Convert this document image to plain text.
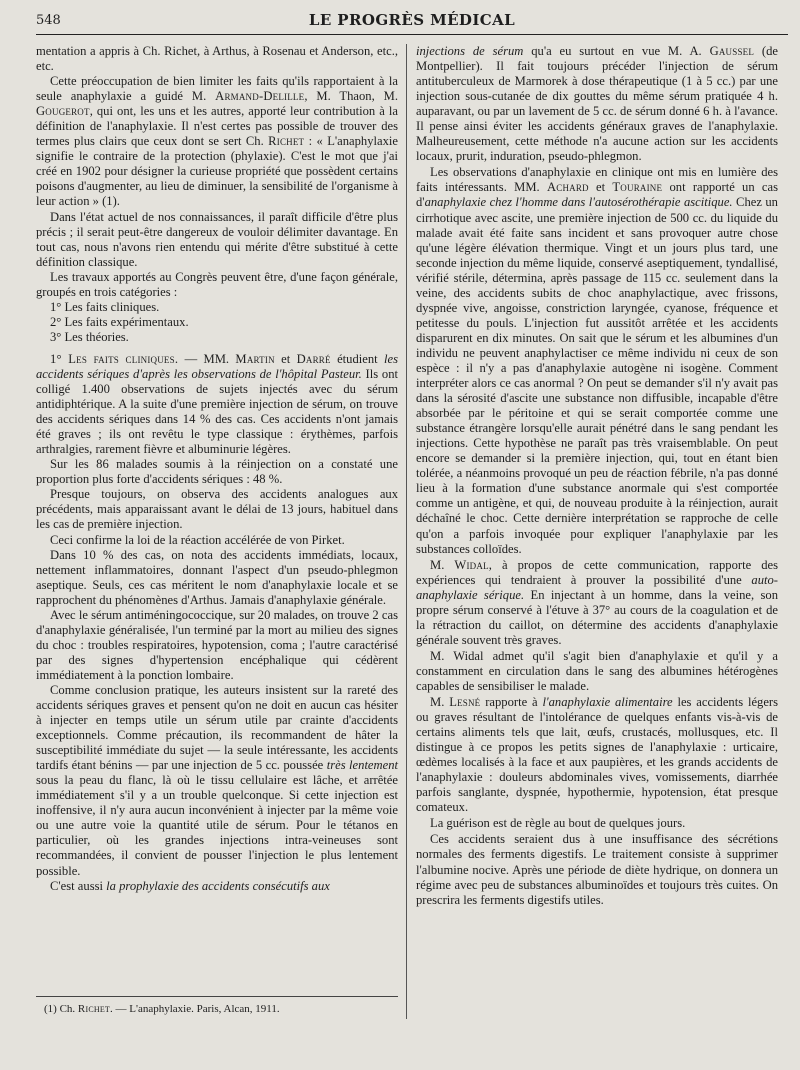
548	LE PROGRÈS MÉDICAL

mentation a appris à Ch. Richet, à Arthus, à Rosenau et Anderson, etc., etc.

Cette préoccupation de bien limiter les faits qu'ils rapportaient à la seule anaphylaxie a guidé M. Armand-Delille, M. Thaon, M. Gougerot, qui ont, les uns et les autres, apporté leur contribution à la définition de l'anaphylaxie. Il n'est certes pas possible de trouver des termes plus clairs que ceux dont se sert Ch. Richet : « L'anaphylaxie signifie le contraire de la protection (phylaxie). C'est le mot que j'ai créé en 1902 pour désigner la curieuse propriété que possèdent certains poisons d'augmenter, au lieu de diminuer, la sensibilité de l'organisme à leur action » (1).

Dans l'état actuel de nos connaissances, il paraît difficile d'être plus précis ; il serait peut-être dangereux de vouloir délimiter davantage. En tout cas, nous n'avons rien entendu qui mérite d'être substitué à cette définition classique.

Les travaux apportés au Congrès peuvent être, d'une façon générale, groupés en trois catégories :

1° Les faits cliniques.

2° Les faits expérimentaux.

3° Les théories.

1° Les faits cliniques. — MM. Martin et Darré étudient les accidents sériques d'après les observations de l'hôpital Pasteur. Ils ont colligé 1.400 observations de sujets injectés avec du sérum antidiphtérique. A la suite d'une première injection de sérum, on trouve des accidents sériques dans 14 % des cas. Ces accidents n'ont jamais été graves ; ils ont revêtu le type classique : érythèmes, parfois arthralgies, rarement fièvre et albuminurie légères.

Sur les 86 malades soumis à la réinjection on a constaté une proportion plus forte d'accidents sériques : 48 %.

Presque toujours, on observa des accidents analogues aux précédents, mais apparaissant avant le délai de 13 jours, habituel dans les cas de première injection.

Ceci confirme la loi de la réaction accélérée de von Pirket.

Dans 10 % des cas, on nota des accidents immédiats, locaux, nettement inflammatoires, donnant l'aspect d'un pseudo-phlegmon aseptique. Seuls, ces cas méritent le nom d'anaphylaxie locale et se rapprochent du phénomènes d'Arthus. Jamais d'anaphylaxie générale.

Avec le sérum antiméningococcique, sur 20 malades, on trouve 2 cas d'anaphylaxie généralisée, l'un terminé par la mort au milieu des signes du choc : troubles respiratoires, hypotension, coma ; l'autre caractérisé par des signes d'hypertension encéphalique qui cédèrent immédiatement à la ponction lombaire.

Comme conclusion pratique, les auteurs insistent sur la rareté des accidents sériques graves et pensent qu'on ne doit en aucun cas hésiter à injecter en temps utile un sérum utile par crainte d'accidents exceptionnels. Comme précaution, ils recommandent de hâter la susceptibilité immédiate du sujet — la seule intéressante, les accidents tardifs étant bénins — par une injection de 5 cc. poussée très lentement sous la peau du flanc, là où le tissu cellulaire est lâche, et arrêtée immédiatement s'il y a un trouble quelconque. Si cette injection est inoffensive, il n'y aura aucun inconvénient à injecter par la même voie ou une autre voie la quantité utile de sérum. Pour le tétanos en particulier, où les grandes injections intra-veineuses sont recommandées, il convient de pousser l'injection le plus lentement possible.

C'est aussi la prophylaxie des accidents consécutifs aux

injections de sérum qu'a eu surtout en vue M. A. Gaussel (de Montpellier). Il fait toujours précéder l'injection de sérum antituberculeux de Marmorek à dose thérapeutique (1 à 5 cc.) par une injection sous-cutanée de dix gouttes du même sérum pratiquée 4 h. auparavant, ou par un lavement de 5 cc. de sérum donné 6 h. à l'avance. Il pense ainsi éviter les accidents généraux graves de l'anaphylaxie. Malheureusement, cette méthode n'a aucune action sur les accidents locaux, prurit, induration, pseudo-phlegmon.

Les observations d'anaphylaxie en clinique ont mis en lumière des faits intéressants. MM. Achard et Touraine ont rapporté un cas d'anaphylaxie chez l'homme dans l'autosérothérapie ascitique. Chez un cirrhotique avec ascite, une première injection de 500 cc. du liquide du malade avait été faite sans incident et sans provoquer autre chose qu'une légère élévation thermique. Vingt et un jours plus tard, une seconde injection du même liquide, conservé aseptiquement, tyndallisé, vérifié stérile, détermina, après passage de 115 cc. seulement dans la veine, des accidents subits de choc anaphylactique, avec frissons, dyspnée vive, angoisse, constriction laryngée, cyanose, fréquence et petitesse du pouls. L'injection fut aussitôt arrêtée et les accidents disparurent en dix minutes. On sait que le sérum et les albumines d'un individu ne peuvent anaphylactiser ce même individu ni ceux de son espèce : il n'y a pas d'anaphylaxie autogène ni isogène. Comment interpréter alors ce cas anormal ? On peut se demander s'il n'y avait pas dans la sérosité d'ascite une substance non diffusible, incapable d'être absorbée par le péritoine et qui se serait comportée comme une substance étrangère lorsqu'elle aurait pénétré dans le sang pendant les injections. Cette hypothèse ne paraît pas très vraisemblable. On peut encore se demander si la première injection, qui, tout en étant bien tolérée, a néanmoins provoqué un peu de réaction fébrile, n'a pas donné lieu à la formation d'une substance anormale qui s'est comportée comme un antigène, et qui, de nouveau produite à la réinjection, aurait déchaîné le choc. Cette dernière interprétation se rapproche de celle qu'on a parfois invoquée pour expliquer l'anaphylaxie par les substances colloïdes.

M. Widal, à propos de cette communication, rapporte des expériences qui tendraient à prouver la possibilité d'une auto-anaphylaxie sérique. En injectant à un homme, dans la veine, son propre sérum conservé à l'étuve à 37° au cours de la coagulation et de la rétraction du caillot, on détermine des accidents d'anaphylaxie générale souvent très graves.

M. Widal admet qu'il s'agit bien d'anaphylaxie et qu'il y a constamment en circulation dans le sang des albumines hétérogènes capables de sensibiliser le malade.

M. Lesné rapporte à l'anaphylaxie alimentaire les accidents légers ou graves résultant de l'intolérance de quelques enfants vis-à-vis de certains aliments tels que lait, œufs, crustacés, mollusques, etc. Il distingue à ce propos les petits signes de l'anaphylaxie : urticaire, œdèmes localisés à la face et aux paupières, et les grands accidents de l'anaphylaxie : douleurs abdominales vives, vomissements, diarrhée parfois sanglante, dyspnée, hypothermie, hypotension, état presque comateux.

La guérison est de règle au bout de quelques jours.

Ces accidents seraient dus à une insuffisance des sécrétions normales des ferments digestifs. Le traitement consiste à supprimer l'albumine nocive. Après une période de diète hydrique, on donnera un régime avec peu de substances albuminoïdes et toujours très cuites. On prescrira les ferments digestifs utiles.

(1) Ch. Richet. — L'anaphylaxie. Paris, Alcan, 1911.
